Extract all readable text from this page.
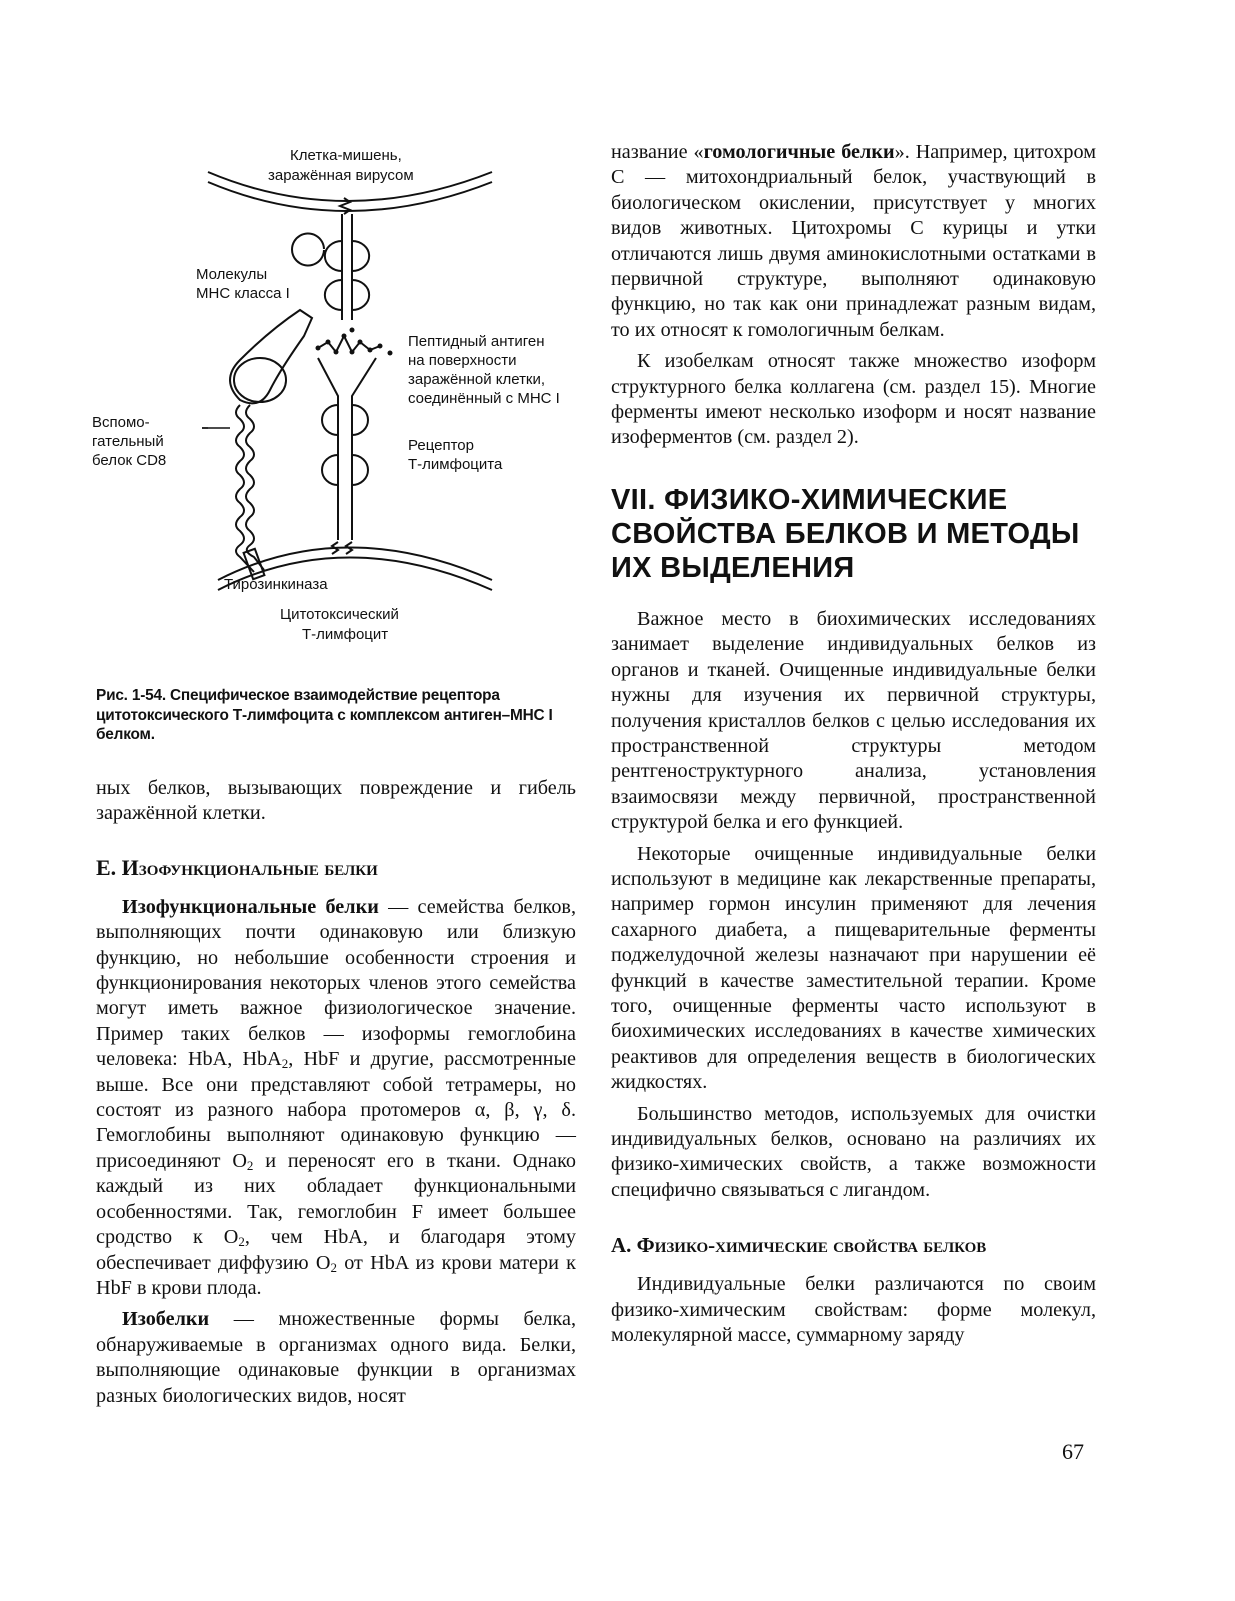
Клетка-мишень,
заражённая вирусом
Молекулы
MHC класса I
Пептидный антиген
на поверхности
заражённой клетки,
соединённый с MHC I
Вспомо-
гательный
белок CD8
Рецептор
Т-лимфоцита
Тирозинкиназа
Цитотоксический
Т-лимфоцит

Рис. 1-54. Специфическое взаимодействие рецептора цитотоксического Т-лимфоцита с комплексом антиген–MHC I белком.

ных белков, вызывающих повреждение и гибель заражённой клетки.

Е. Изофункциональные белки

Изофункциональные белки — семейства белков, выполняющих почти одинаковую или близкую функцию, но небольшие особенности строения и функционирования некоторых членов этого семейства могут иметь важное физиологическое значение. Пример таких белков — изоформы гемоглобина человека: HbA, HbA$_2$, HbF и другие, рассмотренные выше. Все они представляют собой тетрамеры, но состоят из разного набора протомеров α, β, γ, δ. Гемоглобины выполняют одинаковую функцию — присоединяют $O_2$ и переносят его в ткани. Однако каждый из них обладает функциональными особенностями. Так, гемоглобин F имеет большее сродство к $O_2$, чем HbA, и благодаря этому обеспечивает диффузию $O_2$ от HbA из крови матери к HbF в крови плода.

Изобелки — множественные формы белка, обнаруживаемые в организмах одного вида. Белки, выполняющие одинаковые функции в организмах разных биологических видов, носят

название «гомологичные белки». Например, цитохром C — митохондриальный белок, участвующий в биологическом окислении, присутствует у многих видов животных. Цитохромы C курицы и утки отличаются лишь двумя аминокислотными остатками в первичной структуре, выполняют одинаковую функцию, но так как они принадлежат разным видам, то их относят к гомологичным белкам.

К изобелкам относят также множество изоформ структурного белка коллагена (см. раздел 15). Многие ферменты имеют несколько изоформ и носят название изоферментов (см. раздел 2).

VII. ФИЗИКО-ХИМИЧЕСКИЕ
СВОЙСТВА БЕЛКОВ И МЕТОДЫ
ИХ ВЫДЕЛЕНИЯ

Важное место в биохимических исследованиях занимает выделение индивидуальных белков из органов и тканей. Очищенные индивидуальные белки нужны для изучения их первичной структуры, получения кристаллов белков с целью исследования их пространственной структуры методом рентгеноструктурного анализа, установления взаимосвязи между первичной, пространственной структурой белка и его функцией.

Некоторые очищенные индивидуальные белки используют в медицине как лекарственные препараты, например гормон инсулин применяют для лечения сахарного диабета, а пищеварительные ферменты поджелудочной железы назначают при нарушении её функций в качестве заместительной терапии. Кроме того, очищенные ферменты часто используют в биохимических исследованиях в качестве химических реактивов для определения веществ в биологических жидкостях.

Большинство методов, используемых для очистки индивидуальных белков, основано на различиях их физико-химических свойств, а также возможности специфично связываться с лигандом.

А. Физико-химические свойства белков

Индивидуальные белки различаются по своим физико-химическим свойствам: форме молекул, молекулярной массе, суммарному заряду

67
